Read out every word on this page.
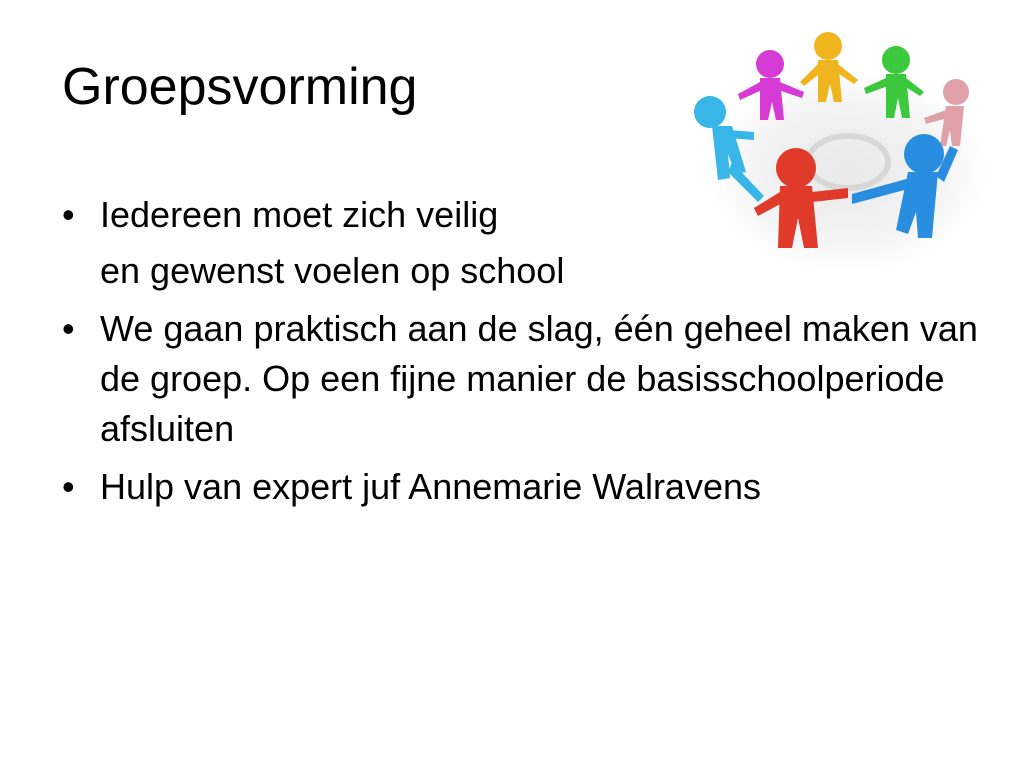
Groepsvorming
• Iedereen moet zich veilig
en gewenst voelen op school
• We gaan praktisch aan de slag, één geheel maken van de groep. Op een fijne manier de basisschoolperiode afsluiten
• Hulp van expert juf Annemarie Walravens
